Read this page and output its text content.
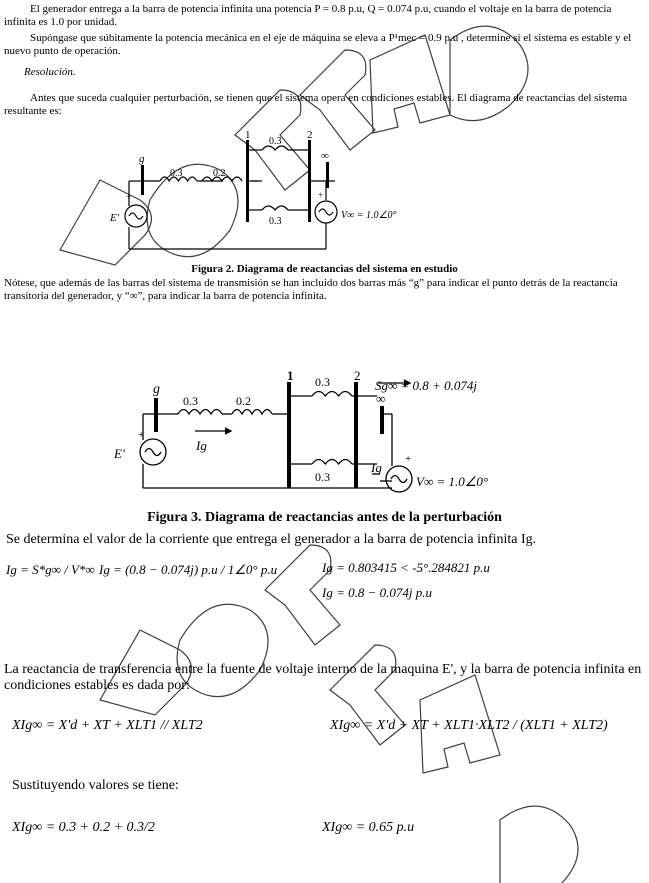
El generador entrega a la barra de potencia infinita una potencia P = 0.8 p.u, Q = 0.074 p.u, cuando el voltaje en la barra de potencia infinita es 1.0 por unidad.
Supóngase que súbitamente la potencia mecánica en el eje de máquina se eleva a P¹mec = 0.9 p.u , determine si el sistema es estable y el nuevo punto de operación.
Resolución.
Antes que suceda cualquier perturbación, se tienen que el sistema opera en condiciones estables. El diagrama de reactancias del sistema resultante es:
g
1	2
∞
0.3	0.2
0.3
0.3
+	+
E'	V∞ = 1.0∠0°
Figura 2. Diagrama de reactancias del sistema en estudio
Nótese, que además de las barras del sistema de transmisión se han incluido dos barras más “g” para indicar el punto detrás de la reactancia transitoria del generador, y “∞”, para indicar la barra de potencia infinita.
g
1	2
∞
0.3	0.2
0.3
0.3
+
+
E'
V∞ = 1.0∠0°
Sg∞ = 0.8 + 0.074j
Ig
Ig
Figura 3. Diagrama de reactancias antes de la perturbación
Se determina el valor de la corriente que entrega el generador a la barra de potencia infinita Ig.
Ig = S*g∞ / V*∞ Ig = (0.8 − 0.074j) p.u / 1∠0° p.u	Ig = 0.803415 < -5°.284821 p.u
Ig = 0.8 − 0.074j p.u
La reactancia de transferencia entre la fuente de voltaje interno de la maquina E', y la barra de potencia infinita en condiciones estables es dada por:
XIg∞ = X'd + XT + XLT1 // XLT2	XIg∞ = X'd + XT + XLT1·XLT2 / (XLT1 + XLT2)
Sustituyendo valores se tiene:
XIg∞ = 0.3 + 0.2 + 0.3/2	XIg∞ = 0.65 p.u
